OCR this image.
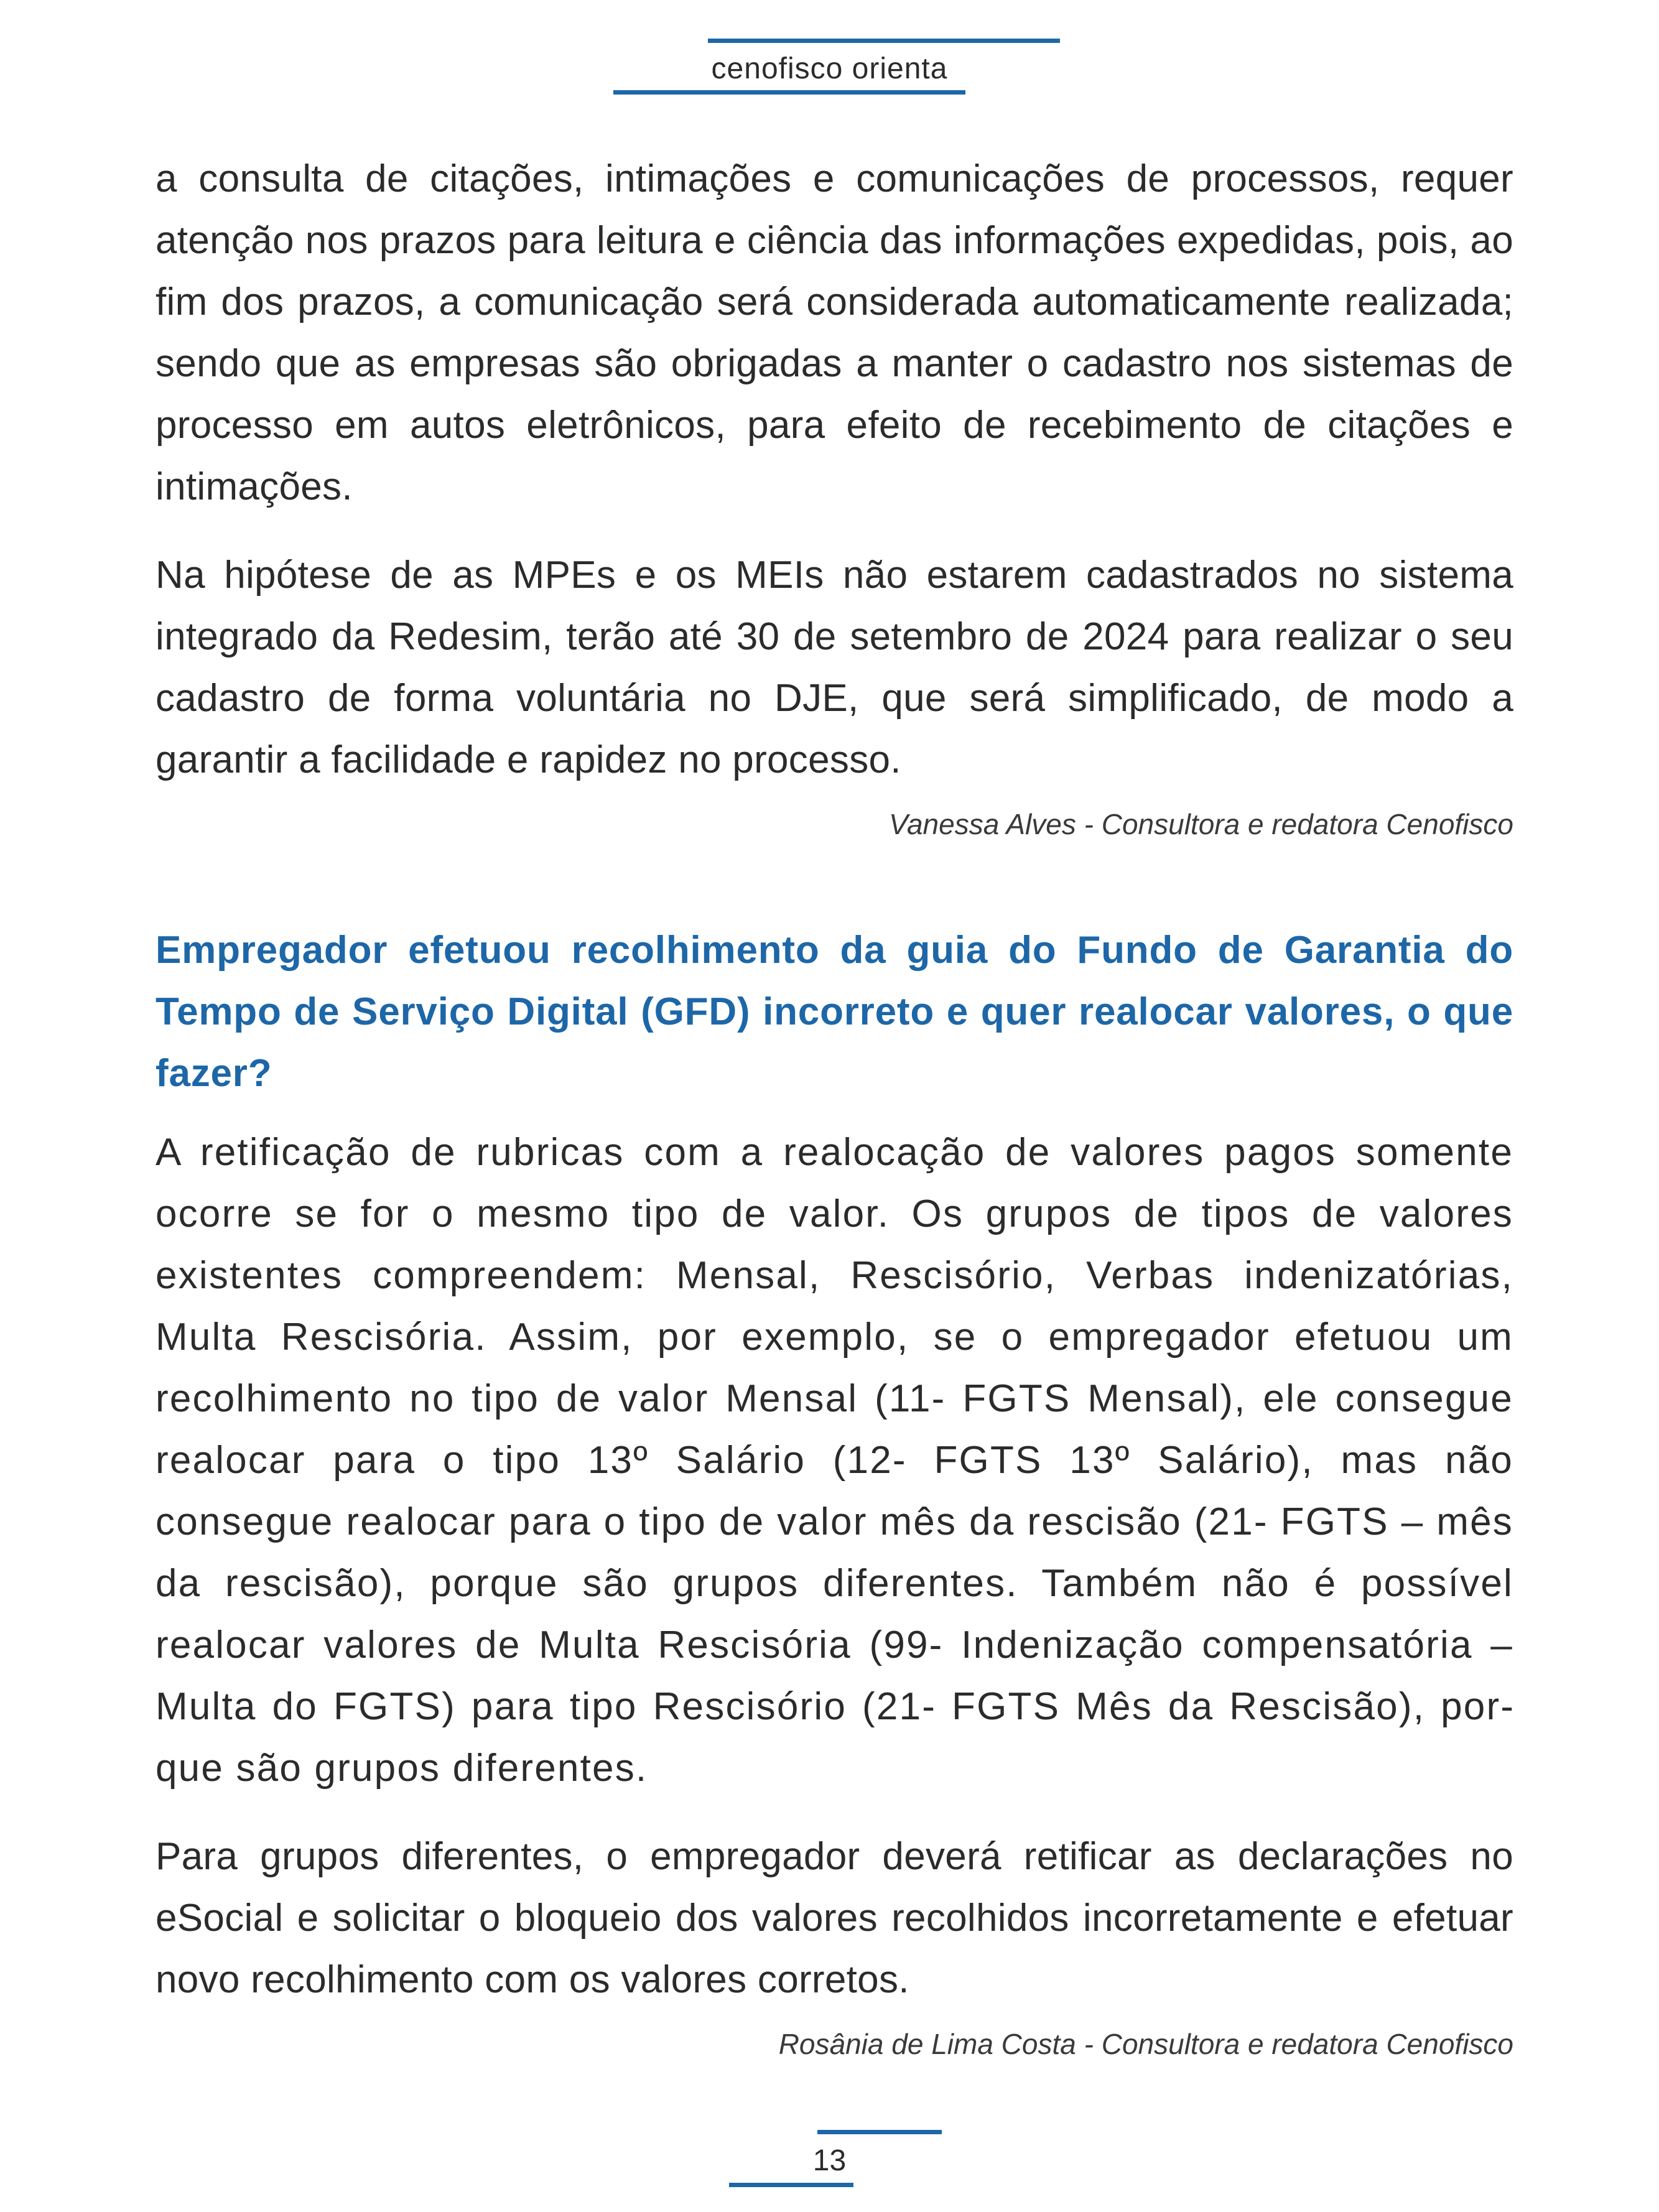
cenofisco orienta

a consulta de citações, intimações e comunicações de processos, requer atenção nos prazos para leitura e ciência das informações expedidas, pois, ao fim dos prazos, a comunicação será considerada automaticamente realizada; sendo que as empresas são obrigadas a manter o cadastro nos sistemas de processo em autos eletrônicos, para efeito de recebimento de citações e intimações.

Na hipótese de as MPEs e os MEIs não estarem cadastrados no sistema integrado da Redesim, terão até 30 de setembro de 2024 para realizar o seu cadastro de forma voluntária no DJE, que será simplificado, de modo a garantir a facilidade e rapidez no processo.

Vanessa Alves - Consultora e redatora Cenofisco

Empregador efetuou recolhimento da guia do Fundo de Garantia do Tempo de Serviço Digital (GFD) incorreto e quer realocar valores, o que fazer?

A retificação de rubricas com a realocação de valores pagos somente ocorre se for o mesmo tipo de valor. Os grupos de tipos de valores existentes compreendem: Mensal, Rescisório, Verbas indenizatórias, Multa Rescisória. Assim, por exemplo, se o empregador efetuou um recolhimento no tipo de valor Mensal (11- FGTS Mensal), ele consegue realocar para o tipo 13º Salário (12- FGTS 13º Salário), mas não consegue realocar para o tipo de valor mês da rescisão (21- FGTS – mês da rescisão), porque são grupos diferentes. Também não é possível realocar valores de Multa Rescisória (99- Indenização compensatória – Multa do FGTS) para tipo Rescisório (21- FGTS Mês da Rescisão), porque são grupos diferentes.

Para grupos diferentes, o empregador deverá retificar as declarações no eSocial e solicitar o bloqueio dos valores recolhidos incorretamente e efetuar novo recolhimento com os valores corretos.

Rosânia de Lima Costa - Consultora e redatora Cenofisco

13
